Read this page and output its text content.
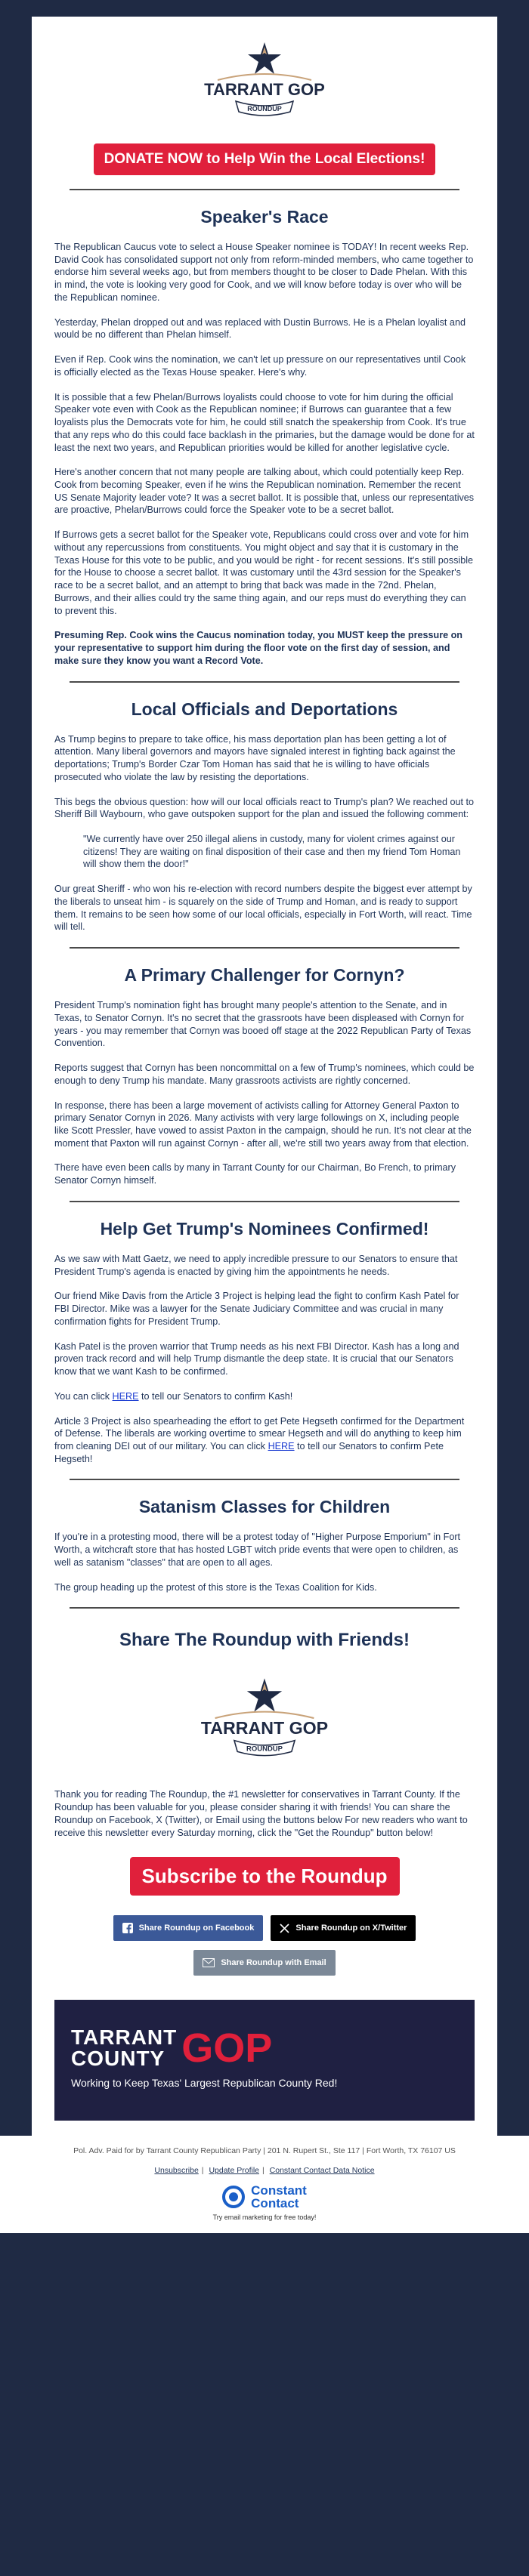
TARRANT GOP
ROUNDUP
DONATE NOW to Help Win the Local Elections!
Speaker's Race

The Republican Caucus vote to select a House Speaker nominee is TODAY! In recent weeks Rep. David Cook has consolidated support not only from reform-minded members, who came together to endorse him several weeks ago, but from members thought to be closer to Dade Phelan. With this in mind, the vote is looking very good for Cook, and we will know before today is over who will be the Republican nominee.

Yesterday, Phelan dropped out and was replaced with Dustin Burrows. He is a Phelan loyalist and would be no different than Phelan himself.

Even if Rep. Cook wins the nomination, we can't let up pressure on our representatives until Cook is officially elected as the Texas House speaker. Here's why.

It is possible that a few Phelan/Burrows loyalists could choose to vote for him during the official Speaker vote even with Cook as the Republican nominee; if Burrows can guarantee that a few loyalists plus the Democrats vote for him, he could still snatch the speakership from Cook. It's true that any reps who do this could face backlash in the primaries, but the damage would be done for at least the next two years, and Republican priorities would be killed for another legislative cycle.

Here's another concern that not many people are talking about, which could potentially keep Rep. Cook from becoming Speaker, even if he wins the Republican nomination. Remember the recent US Senate Majority leader vote? It was a secret ballot. It is possible that, unless our representatives are proactive, Phelan/Burrows could force the Speaker vote to be a secret ballot.

If Burrows gets a secret ballot for the Speaker vote, Republicans could cross over and vote for him without any repercussions from constituents. You might object and say that it is customary in the Texas House for this vote to be public, and you would be right - for recent sessions. It's still possible for the House to choose a secret ballot. It was customary until the 43rd session for the Speaker's race to be a secret ballot, and an attempt to bring that back was made in the 72nd. Phelan, Burrows, and their allies could try the same thing again, and our reps must do everything they can to prevent this.

Presuming Rep. Cook wins the Caucus nomination today, you MUST keep the pressure on your representative to support him during the floor vote on the first day of session, and make sure they know you want a Record Vote.

Local Officials and Deportations

As Trump begins to prepare to take office, his mass deportation plan has been getting a lot of attention. Many liberal governors and mayors have signaled interest in fighting back against the deportations; Trump's Border Czar Tom Homan has said that he is willing to have officials prosecuted who violate the law by resisting the deportations.

This begs the obvious question: how will our local officials react to Trump's plan? We reached out to Sheriff Bill Waybourn, who gave outspoken support for the plan and issued the following comment:

"We currently have over 250 illegal aliens in custody, many for violent crimes against our citizens! They are waiting on final disposition of their case and then my friend Tom Homan will show them the door!"

Our great Sheriff - who won his re-election with record numbers despite the biggest ever attempt by the liberals to unseat him - is squarely on the side of Trump and Homan, and is ready to support them. It remains to be seen how some of our local officials, especially in Fort Worth, will react. Time will tell.

A Primary Challenger for Cornyn?

President Trump's nomination fight has brought many people's attention to the Senate, and in Texas, to Senator Cornyn. It's no secret that the grassroots have been displeased with Cornyn for years - you may remember that Cornyn was booed off stage at the 2022 Republican Party of Texas Convention.

Reports suggest that Cornyn has been noncommittal on a few of Trump's nominees, which could be enough to deny Trump his mandate. Many grassroots activists are rightly concerned.

In response, there has been a large movement of activists calling for Attorney General Paxton to primary Senator Cornyn in 2026. Many activists with very large followings on X, including people like Scott Pressler, have vowed to assist Paxton in the campaign, should he run. It's not clear at the moment that Paxton will run against Cornyn - after all, we're still two years away from that election.

There have even been calls by many in Tarrant County for our Chairman, Bo French, to primary Senator Cornyn himself.

Help Get Trump's Nominees Confirmed!

As we saw with Matt Gaetz, we need to apply incredible pressure to our Senators to ensure that President Trump's agenda is enacted by giving him the appointments he needs.

Our friend Mike Davis from the Article 3 Project is helping lead the fight to confirm Kash Patel for FBI Director. Mike was a lawyer for the Senate Judiciary Committee and was crucial in many confirmation fights for President Trump.

Kash Patel is the proven warrior that Trump needs as his next FBI Director. Kash has a long and proven track record and will help Trump dismantle the deep state. It is crucial that our Senators know that we want Kash to be confirmed.

You can click HERE to tell our Senators to confirm Kash!

Article 3 Project is also spearheading the effort to get Pete Hegseth confirmed for the Department of Defense. The liberals are working overtime to smear Hegseth and will do anything to keep him from cleaning DEI out of our military. You can click HERE to tell our Senators to confirm Pete Hegseth!

Satanism Classes for Children

If you're in a protesting mood, there will be a protest today of "Higher Purpose Emporium" in Fort Worth, a witchcraft store that has hosted LGBT witch pride events that were open to children, as well as satanism "classes" that are open to all ages.

The group heading up the protest of this store is the Texas Coalition for Kids.

Share The Roundup with Friends!
TARRANT GOP
ROUNDUP

Thank you for reading The Roundup, the #1 newsletter for conservatives in Tarrant County. If the Roundup has been valuable for you, please consider sharing it with friends! You can share the Roundup on Facebook, X (Twitter), or Email using the buttons below For new readers who want to receive this newsletter every Saturday morning, click the "Get the Roundup" button below!

Subscribe to the Roundup
Share Roundup on Facebook	Share Roundup on X/Twitter
Share Roundup with Email
TARRANT
COUNTY GOP
Working to Keep Texas' Largest Republican County Red!
Pol. Adv. Paid for by Tarrant County Republican Party | 201 N. Rupert St., Ste 117 | Fort Worth, TX 76107 US
Unsubscribe | Update Profile | Constant Contact Data Notice
Constant
Contact
Try email marketing for free today!
